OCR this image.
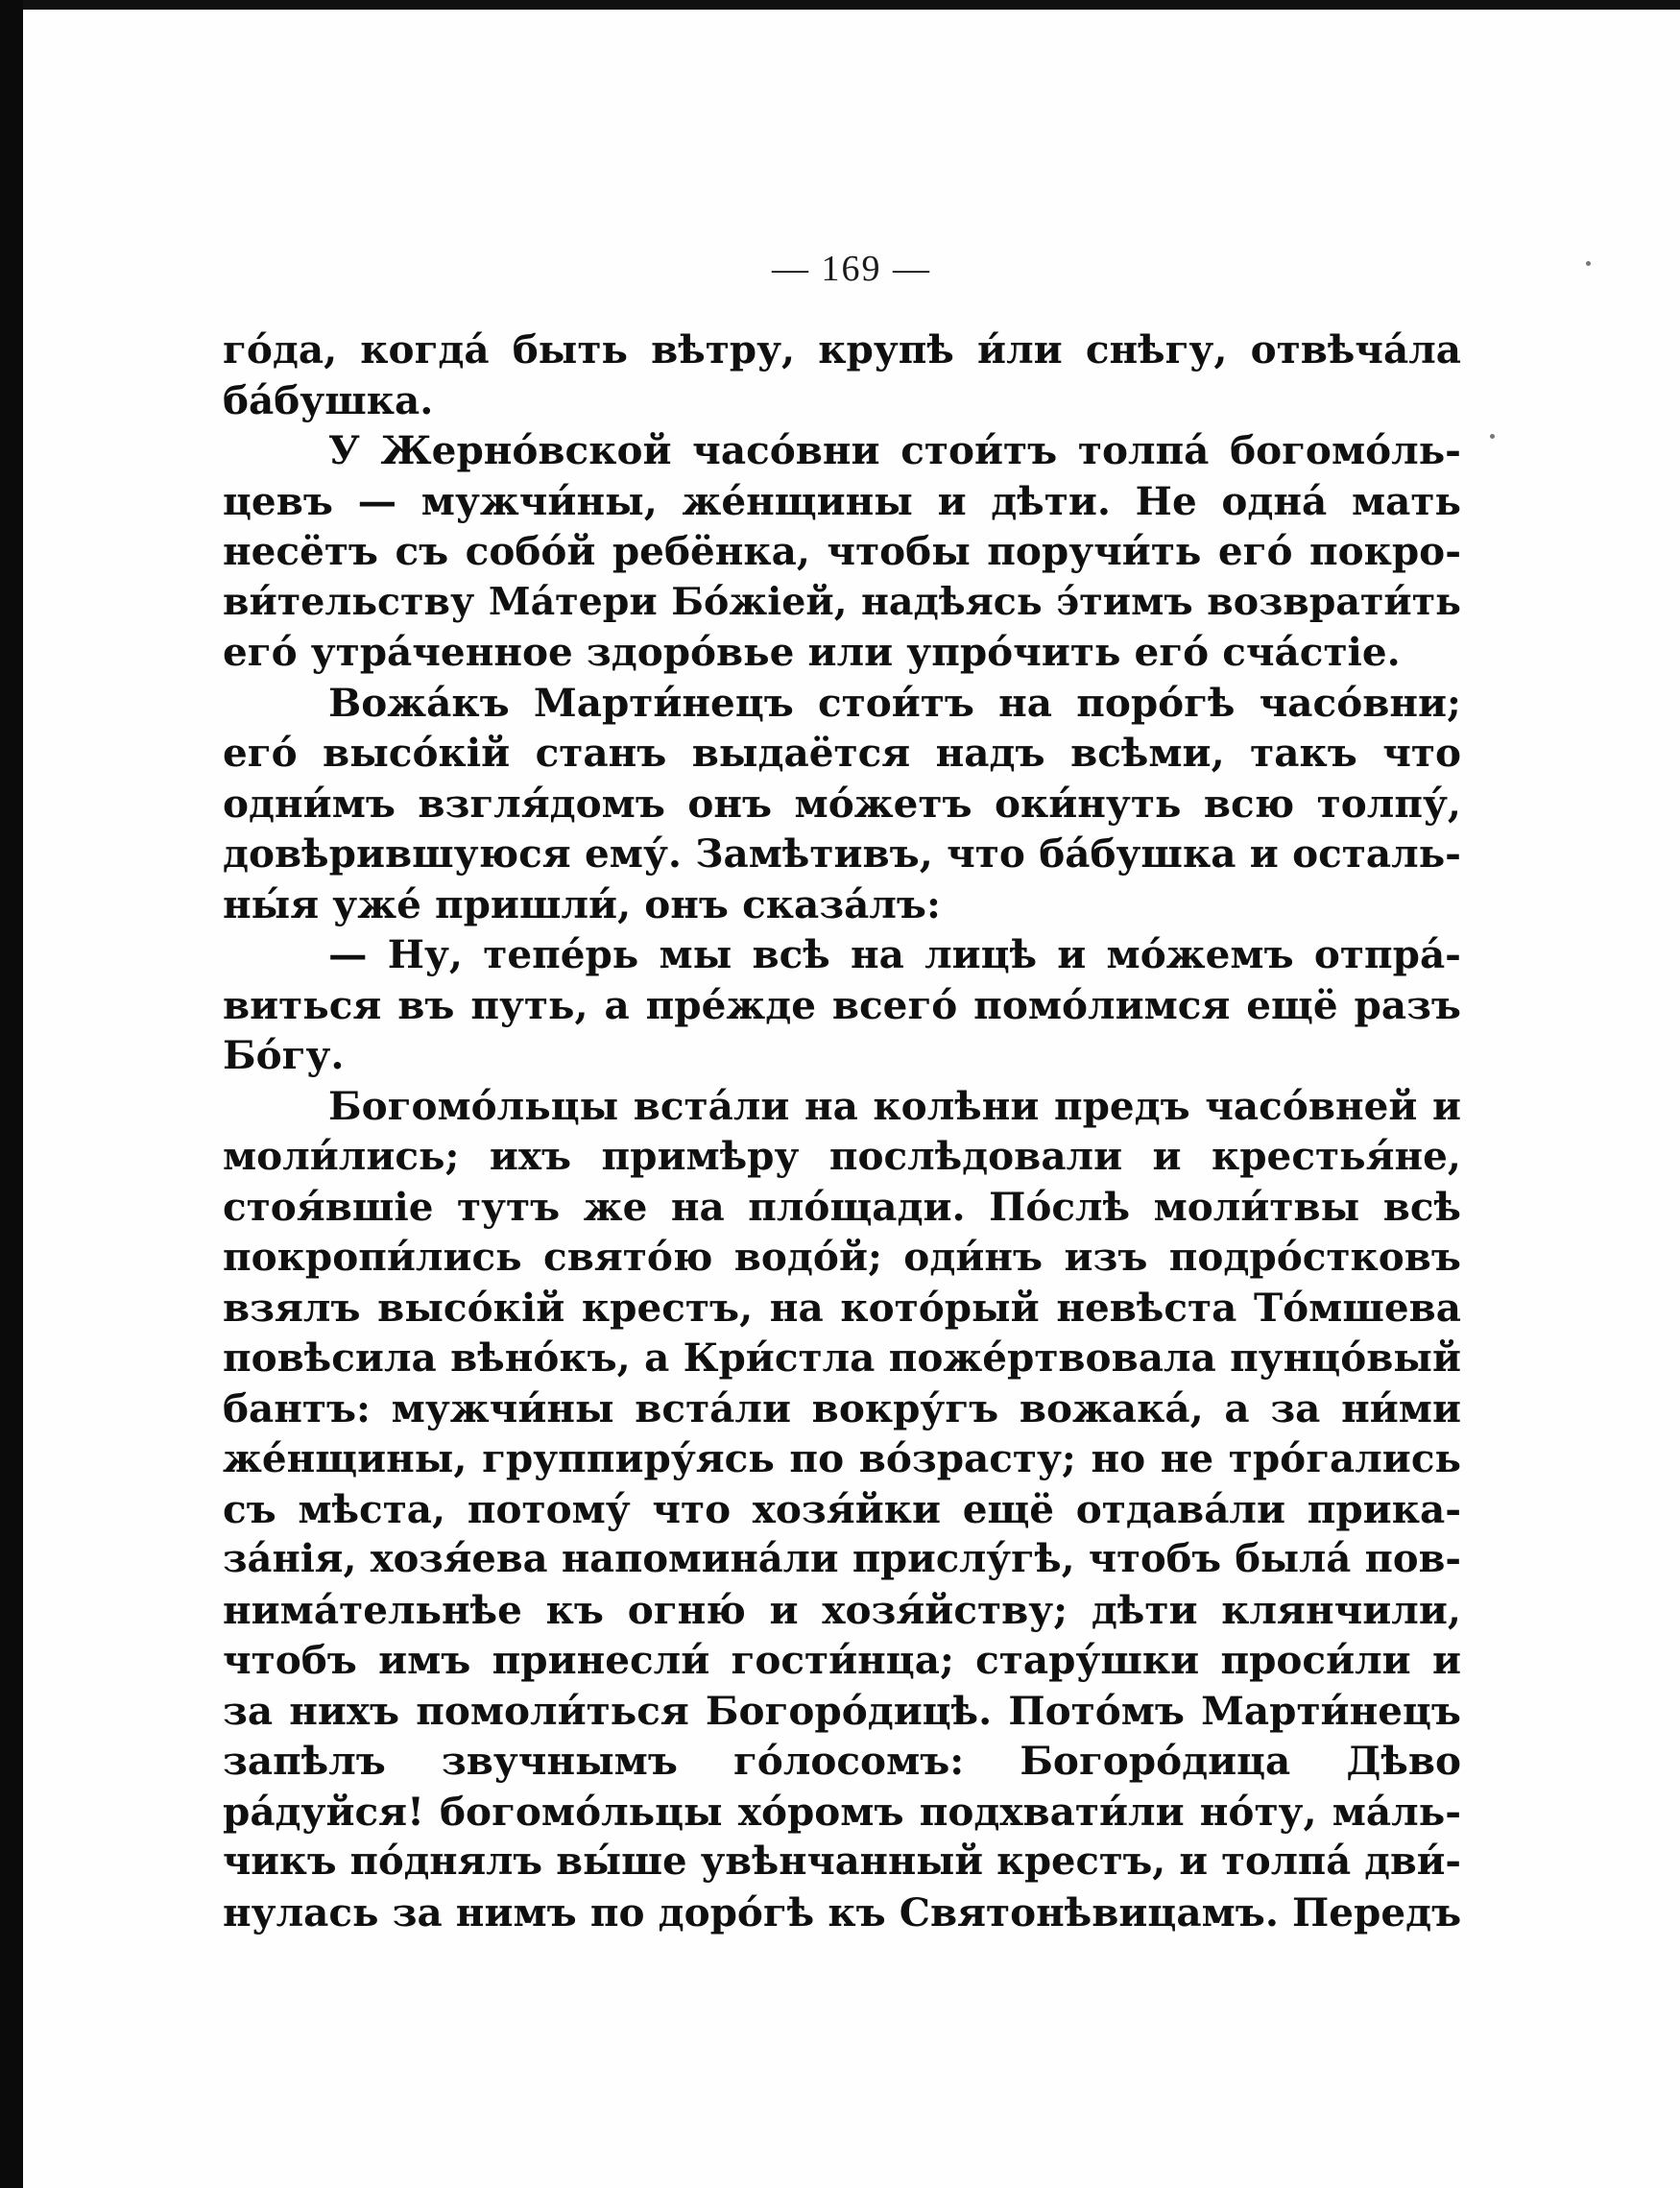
— 169 —
го́да, когда́ быть вѣтру, крупѣ и́ли снѣгу, отвѣча́ла
ба́бушка.
У Жерно́вской часо́вни стои́тъ толпа́ богомо́ль-
цевъ — мужчи́ны, же́нщины и дѣти. Не одна́ мать
несётъ съ собо́й ребёнка, чтобы поручи́ть его́ покро-
ви́тельству Ма́тери Бо́жіей, надѣясь э́тимъ возврати́ть
его́ утра́ченное здоро́вье или упро́чить его́ сча́стіе.
Вожа́къ Марти́нецъ стои́тъ на поро́гѣ часо́вни;
его́ высо́кій станъ выдаётся надъ всѣми, такъ что
одни́мъ взгля́домъ онъ мо́жетъ оки́нуть всю толпу́,
довѣрившуюся ему́. Замѣтивъ, что ба́бушка и осталь-
ны́я уже́ пришли́, онъ сказа́лъ:
— Ну, тепе́рь мы всѣ на лицѣ и мо́жемъ отпра́-
виться въ путь, а пре́жде всего́ помо́лимся ещё разъ
Бо́гу.
Богомо́льцы вста́ли на колѣни предъ часо́вней и
моли́лись; ихъ примѣру послѣдовали и крестья́не,
стоя́вшіе тутъ же на пло́щади. По́слѣ моли́твы всѣ
покропи́лись свято́ю водо́й; оди́нъ изъ подро́стковъ
взялъ высо́кій крестъ, на кото́рый невѣста То́мшева
повѣсила вѣно́къ, а Кри́стла поже́ртвовала пунцо́вый
бантъ: мужчи́ны вста́ли вокру́гъ вожака́, а за ни́ми
же́нщины, группиру́ясь по во́зрасту; но не тро́гались
съ мѣста, потому́ что хозя́йки ещё отдава́ли прика-
за́нія, хозя́ева напомина́ли прислу́гѣ, чтобъ была́ пов-
нима́тельнѣе къ огню́ и хозя́йству; дѣти клянчили,
чтобъ имъ принесли́ гости́нца; стару́шки проси́ли и
за нихъ помоли́ться Богоро́дицѣ. Пото́мъ Марти́нецъ
запѣлъ звучнымъ го́лосомъ: Богоро́дица Дѣво
ра́дуйся! богомо́льцы хо́ромъ подхвати́ли но́ту, ма́ль-
чикъ по́днялъ вы́ше увѣнчанный крестъ, и толпа́ дви́-
нулась за нимъ по доро́гѣ къ Святонѣвицамъ. Передъ
